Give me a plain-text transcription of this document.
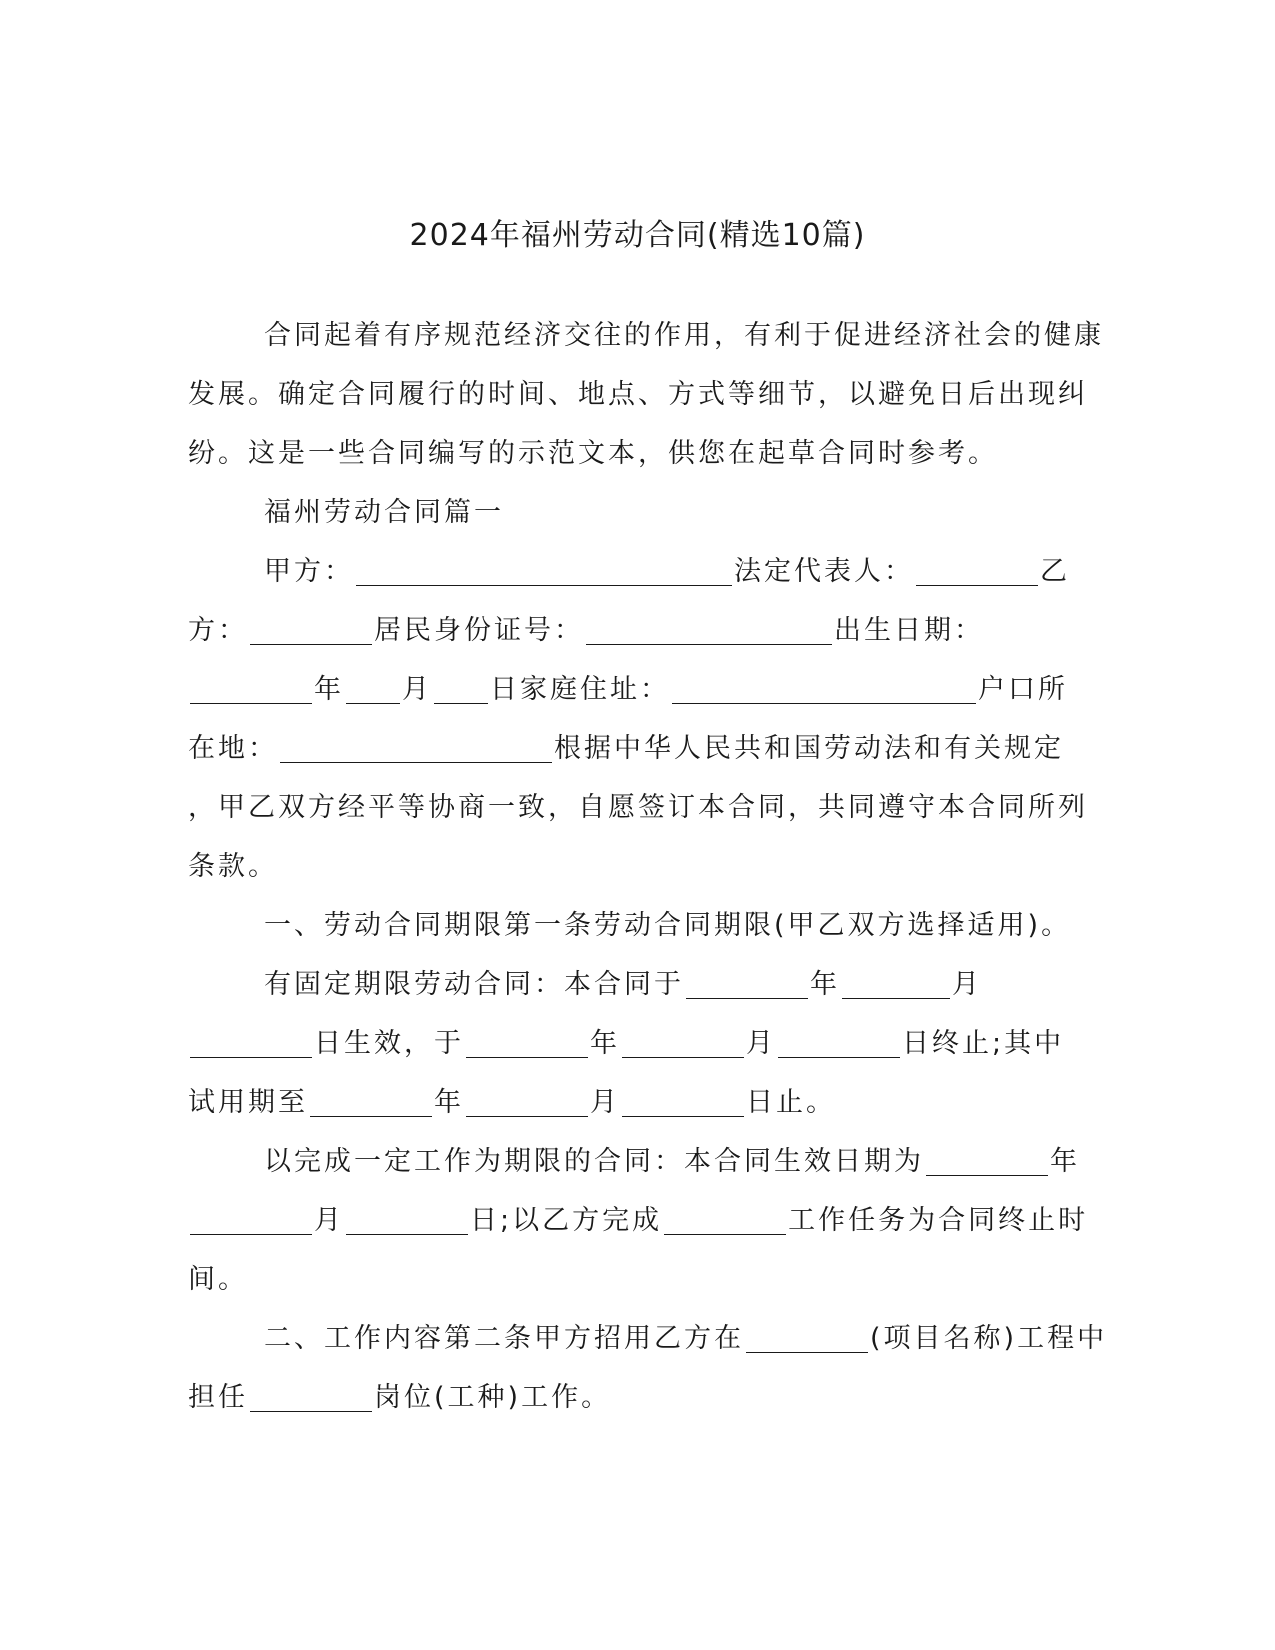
2024年福州劳动合同(精选10篇)
合同起着有序规范经济交往的作用，有利于促进经济社会的健康
发展。确定合同履行的时间、地点、方式等细节，以避免日后出现纠
纷。这是一些合同编写的示范文本，供您在起草合同时参考。
福州劳动合同篇一
甲方：	法定代表人：	乙
方：	居民身份证号：	出生日期：
年 月 日家庭住址：	户口所
在地：	根据中华人民共和国劳动法和有关规定
，甲乙双方经平等协商一致，自愿签订本合同，共同遵守本合同所列
条款。
一、劳动合同期限第一条劳动合同期限(甲乙双方选择适用)。
有固定期限劳动合同：本合同于	年	月
日生效，于	年	月	日终止;其中
试用期至	年	月	日止。
以完成一定工作为期限的合同：本合同生效日期为	年
月	日;以乙方完成	工作任务为合同终止时
间。
二、工作内容第二条甲方招用乙方在	(项目名称)工程中
担任	岗位(工种)工作。
